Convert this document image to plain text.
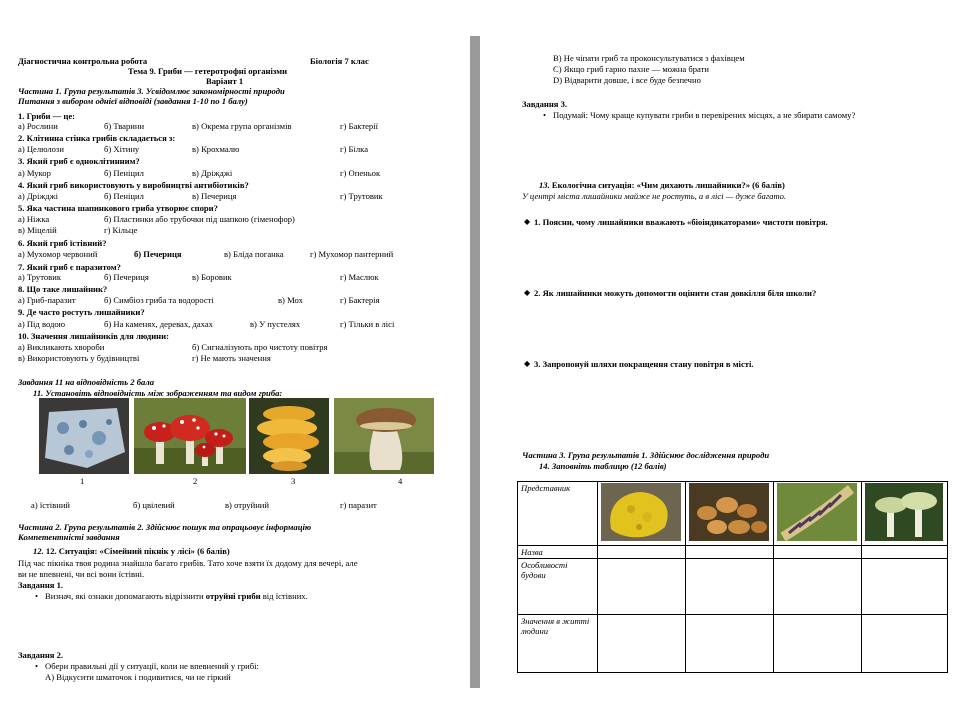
Діагностична контрольна робота	Біологія 7 клас
Тема 9. Гриби — гетеротрофні організми
Варіант 1
Частина 1. Група результатів 3. Усвідомлює закономірності природи
Питання з вибором однієї відповіді (завдання 1-10 по 1 балу)
1. Гриби — це:
а) Рослини	б) Тварини	в) Окрема група організмів	г) Бактерії
2. Клітинна стінка грибів складається з:
а) Целюлози	б) Хітину	в) Крохмалю	г) Білка
3. Який гриб є одноклітинним?
а) Мукор	б) Пеніцил	в) Дріжджі	г) Опеньок
4. Який гриб використовують у виробництві антибіотиків?
а) Дріжджі	б) Пеніцил	в) Печериця	г) Трутовик
5. Яка частина шапинкового гриба утворює спори?
а) Ніжка	б) Пластинки або трубочки під шапкою (гіменофор)
в) Міцелій	г) Кільце
6. Який гриб їстівний?
а) Мухомор червоний	б) Печериця	в) Бліда поганка	г) Мухомор пантерний
7. Який гриб є паразитом?
а) Трутовик	б) Печериця	в) Боровик	г) Маслюк
8. Що таке лишайник?
а) Гриб-паразит	б) Симбіоз гриба та водорості	в) Мох	г) Бактерія
9. Де часто ростуть лишайники?
а) Під водою	б) На каменях, деревах, дахах	в) У пустелях	г) Тільки в лісі
10. Значення лишайників для людини:
а) Викликають хвороби	б) Сигналізують про чистоту повітря
в) Використовують у будівництві	г) Не мають значення
Завдання 11 на відповідність 2 бала
11. Установіть відповідність між зображенням та видом гриба:
1	2	3	4
а) їстівний	б) цвілевий	в) отруйний	г) паразит
Частина 2. Група результатів 2. Здійснює пошук та опрацьовує інформацію
Компетентністі завдання
12. 12. Ситуація: «Сімейний пікнік у лісі» (6 балів)
Під час пікніка твоя родина знайшла багато грибів. Тато хоче взяти їх додому для вечері, але
ви не впевнені, чи всі вони їстівні.
Завдання 1.
• Визнач, які ознаки допомагають відрізнити отруйні гриби від їстівних.
Завдання 2.
• Обери правильні дії у ситуації, коли не впевнений у грибі:
А) Відкусити шматочок і подивитися, чи не гіркий
B) Не чіпати гриб та проконсультуватися з фахівцем
C) Якщо гриб гарно пахне — можна брати
D) Відварити довше, і все буде безпечно
Завдання 3.
• Подумай: Чому краще купувати гриби в перевірених місцях, а не збирати самому?
13. Екологічна ситуація: «Чим дихають лишайники?» (6 балів)
У центрі міста лишайники майже не ростуть, а в лісі — дуже багато.
◆ 1. Поясни, чому лишайники вважають «біоіндикаторами» чистоти повітря.
◆ 2. Як лишайники можуть допомогти оцінити стан довкілля біля школи?
◆ 3. Запропонуй шляхи покращення стану повітря в місті.
Частина 3. Група результатів 1. Здійснює дослідження природи
14. Заповніть таблицю (12 балів)
Представник				
Назва				
Особливості будови				
Значення в житті людини				
